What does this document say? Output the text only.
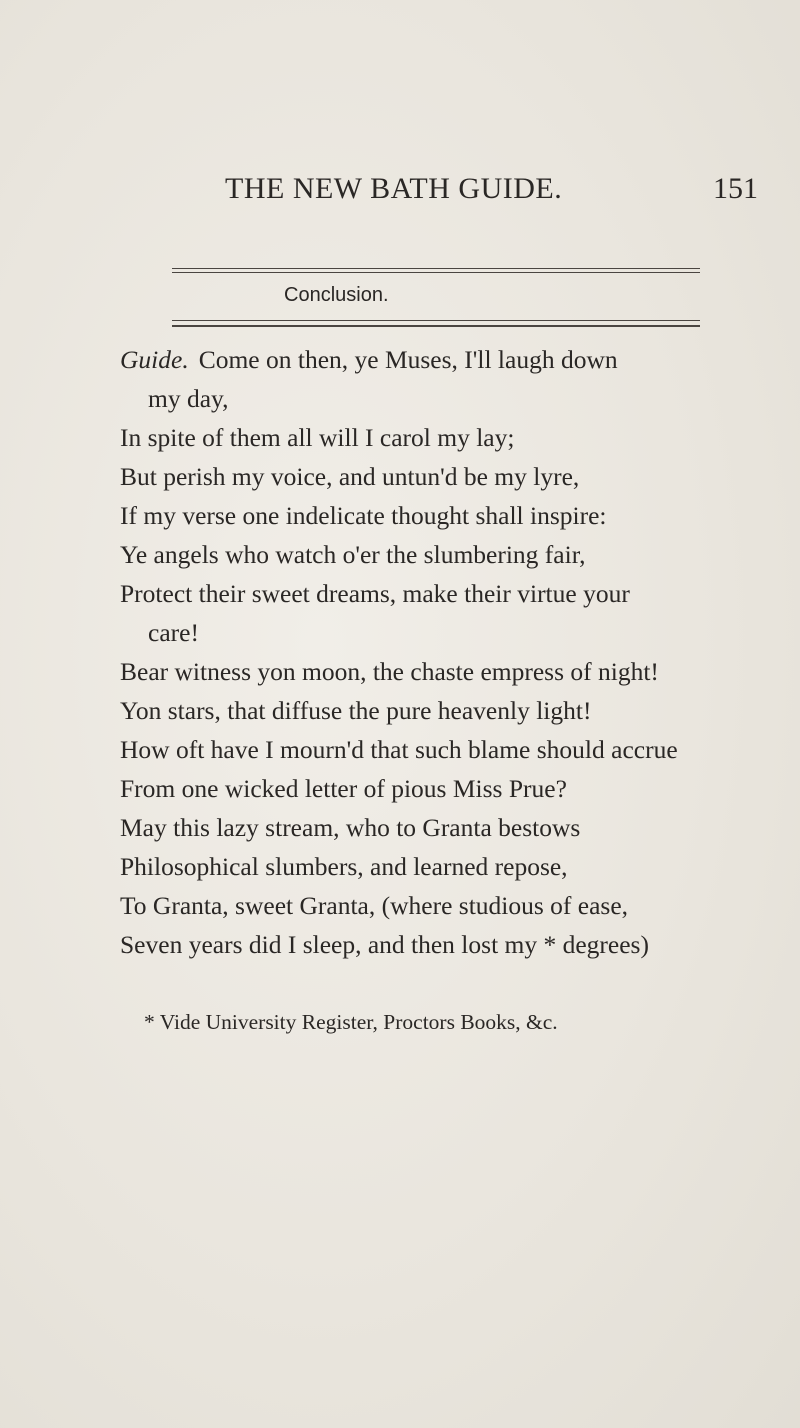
THE NEW BATH GUIDE.	151
Conclusion.
Guide. Come on then, ye Muses, I'll laugh down
my day,
In spite of them all will I carol my lay;
But perish my voice, and untun'd be my lyre,
If my verse one indelicate thought shall inspire:
Ye angels who watch o'er the slumbering fair,
Protect their sweet dreams, make their virtue your
care!
Bear witness yon moon, the chaste empress of night!
Yon stars, that diffuse the pure heavenly light!
How oft have I mourn'd that such blame should accrue
From one wicked letter of pious Miss Prue?
May this lazy stream, who to Granta bestows
Philosophical slumbers, and learned repose,
To Granta, sweet Granta, (where studious of ease,
Seven years did I sleep, and then lost my * degrees)
* Vide University Register, Proctors Books, &c.
